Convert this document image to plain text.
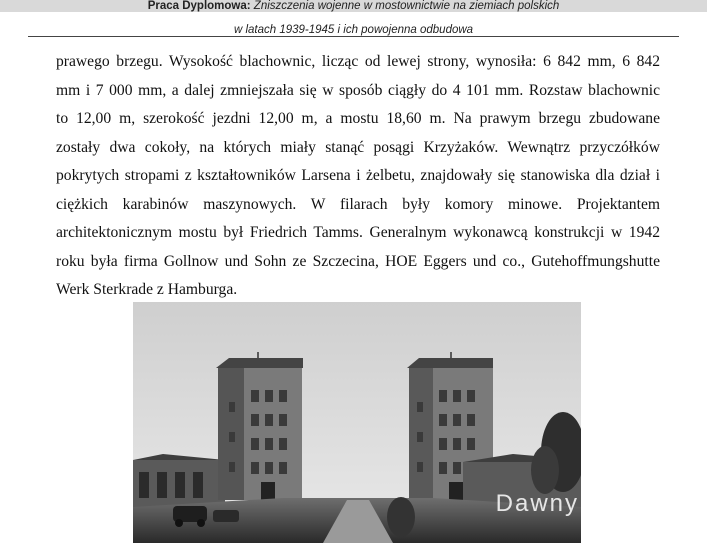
Praca Dyplomowa: Zniszczenia wojenne w mostownictwie na ziemiach polskich
w latach 1939-1945 i ich powojenna odbudowa
prawego brzegu. Wysokość blachownic, licząc od lewej strony, wynosiła: 6 842 mm, 6 842
mm i 7 000 mm, a dalej zmniejszała się w sposób ciągły do 4 101 mm. Rozstaw blachownic
to 12,00 m, szerokość jezdni 12,00 m, a mostu 18,60 m. Na prawym brzegu zbudowane
zostały dwa cokoły, na których miały stanąć posągi Krzyżaków. Wewnątrz przyczółków
pokrytych stropami z kształtowników Larsena i żelbetu, znajdowały się stanowiska dla dział i
ciężkich karabinów maszynowych. W filarach były komory minowe. Projektantem
architektonicznym mostu był Friedrich Tamms. Generalnym wykonawcą konstrukcji w 1942
roku była firma Gollnow und Sohn ze Szczecina, HOE Eggers und co., Gutehoffmungshutte
Werk Sterkrade z Hamburga.
Dawny
